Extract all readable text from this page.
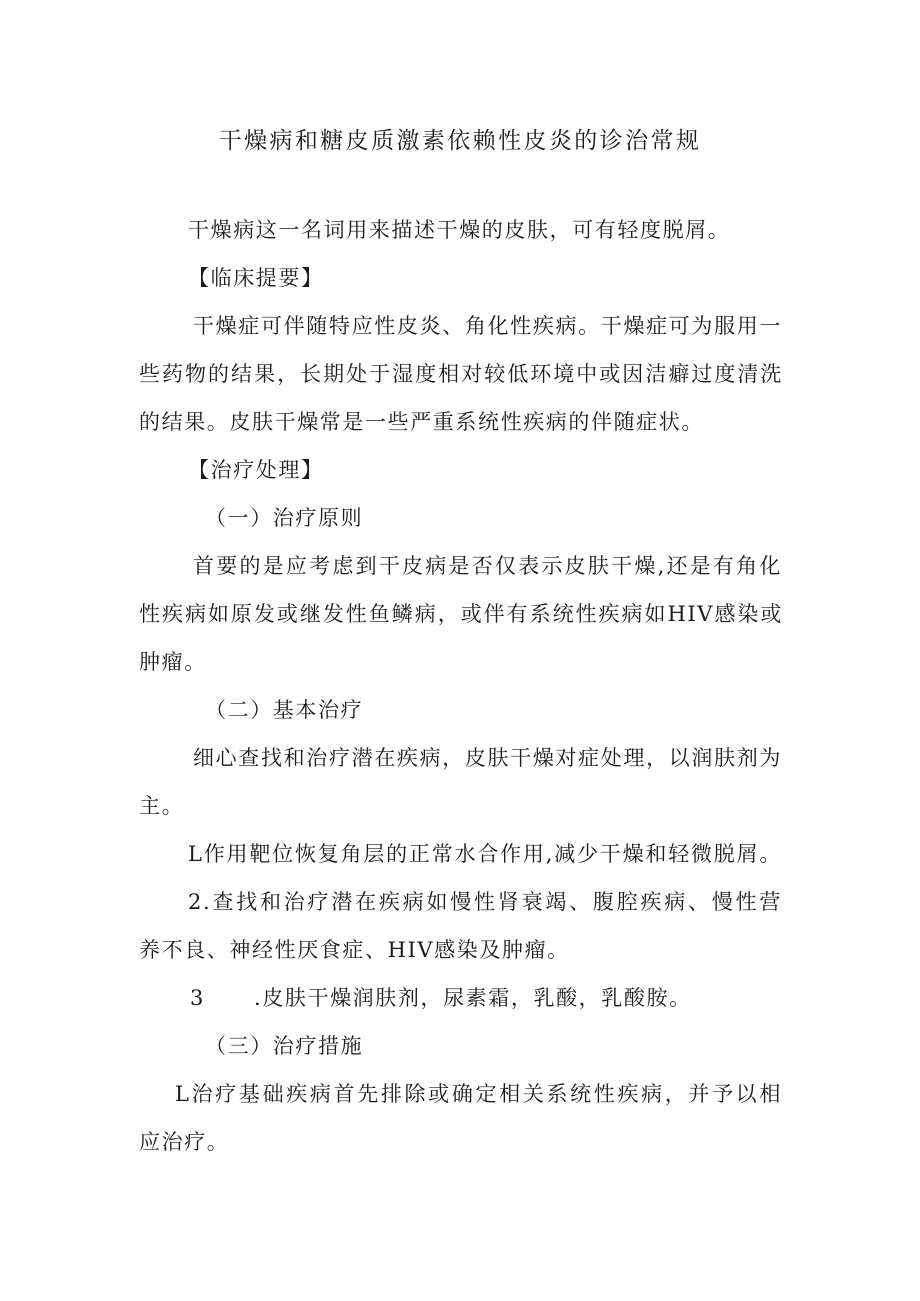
干燥病和糖皮质激素依赖性皮炎的诊治常规
干燥病这一名词用来描述干燥的皮肤，可有轻度脱屑。
【临床提要】
干燥症可伴随特应性皮炎、角化性疾病。干燥症可为服用一
些药物的结果，长期处于湿度相对较低环境中或因洁癖过度清洗
的结果。皮肤干燥常是一些严重系统性疾病的伴随症状。
【治疗处理】
（一）治疗原则
首要的是应考虑到干皮病是否仅表示皮肤干燥,还是有角化
性疾病如原发或继发性鱼鳞病，或伴有系统性疾病如HIV感染或
肿瘤。
（二）基本治疗
细心查找和治疗潜在疾病，皮肤干燥对症处理，以润肤剂为
主。
L作用靶位恢复角层的正常水合作用,减少干燥和轻微脱屑。
2.查找和治疗潜在疾病如慢性肾衰竭、腹腔疾病、慢性营
养不良、神经性厌食症、HIV感染及肿瘤。
3 .皮肤干燥润肤剂，尿素霜，乳酸，乳酸胺。
（三）治疗措施
L治疗基础疾病首先排除或确定相关系统性疾病，并予以相
应治疗。
